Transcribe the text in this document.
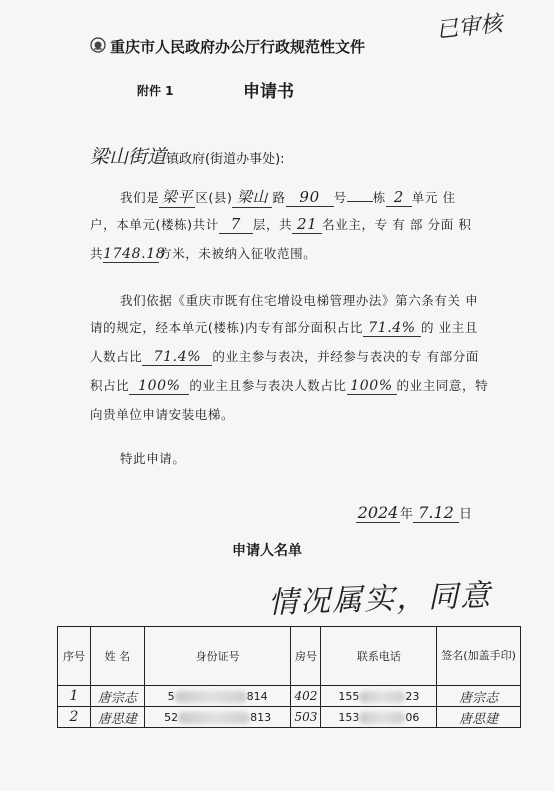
已审核
重庆市人民政府办公厅行政规范性文件
附件 1	申请书
梁山街道镇政府(街道办事处):

我们是 梁平 区(县) 梁山 路 90 号 栋 2 单元 住

户，本单元(楼栋)共计 7 层，共 21 名业主，专 有 部 分面 积

共1748.18方米，未被纳入征收范围。

我们依据《重庆市既有住宅增设电梯管理办法》第六条有关 申

请的规定，经本单元(楼栋)内专有部分面积占比 71.4% 的 业主且

人数占比 71.4% 的业主参与表决，并经参与表决的专 有部分面

积占比 100% 的业主且参与表决人数占比 100% 的业主同意，特

向贵单位申请安装电梯。

特此申请。

2024 年 7.12 日
申请人名单
情况属实，同意
序号	姓 名	身份证号	房号	联系电话	签名(加盖手印)
1	唐宗志	5 814	402	155 23	唐宗志
2	唐思建	52 813	503	153 06	唐思建
